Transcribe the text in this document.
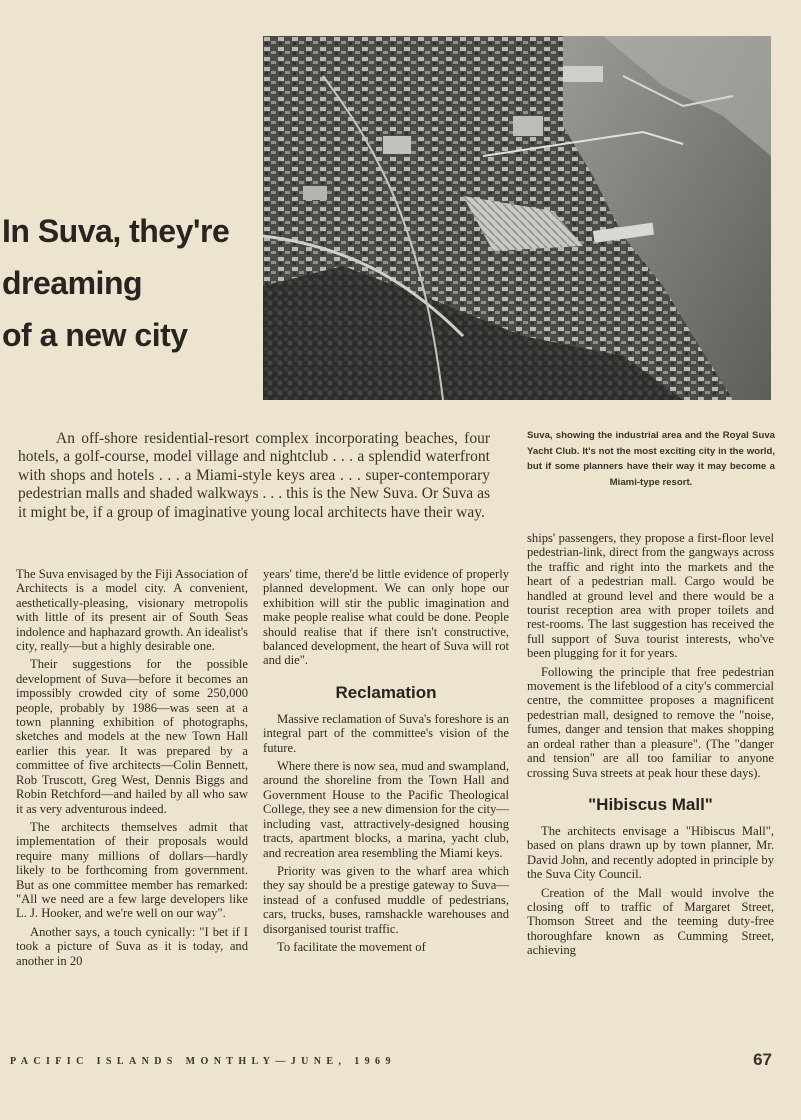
In Suva, they're
dreaming
of a new city
Suva, showing the industrial area and the Royal Suva Yacht Club. It's not the most exciting city in the world, but if some planners have their way it may become a Miami-type resort.

An off-shore residential-resort complex incorporating beaches, four hotels, a golf-course, model village and nightclub . . . a splendid waterfront with shops and hotels . . . a Miami-style keys area . . . super-contemporary pedestrian malls and shaded walkways . . . this is the New Suva. Or Suva as it might be, if a group of imaginative young local architects have their way.

The Suva envisaged by the Fiji Association of Architects is a model city. A convenient, aesthetically-pleasing, visionary metropolis with little of its present air of South Seas indolence and haphazard growth. An idealist's city, really—but a highly desirable one.

Their suggestions for the possible development of Suva—before it becomes an impossibly crowded city of some 250,000 people, probably by 1986—was seen at a town planning exhibition of photographs, sketches and models at the new Town Hall earlier this year. It was prepared by a committee of five architects—Colin Bennett, Rob Truscott, Greg West, Dennis Biggs and Robin Retchford—and hailed by all who saw it as very adventurous indeed.

The architects themselves admit that implementation of their proposals would require many millions of dollars—hardly likely to be forthcoming from government. But as one committee member has remarked: "All we need are a few large developers like L. J. Hooker, and we're well on our way".

Another says, a touch cynically: "I bet if I took a picture of Suva as it is today, and another in 20

years' time, there'd be little evidence of properly planned development. We can only hope our exhibition will stir the public imagination and make people realise what could be done. People should realise that if there isn't constructive, balanced development, the heart of Suva will rot and die".

Reclamation

Massive reclamation of Suva's foreshore is an integral part of the committee's vision of the future.

Where there is now sea, mud and swampland, around the shoreline from the Town Hall and Government House to the Pacific Theological College, they see a new dimension for the city—including vast, attractively-designed housing tracts, apartment blocks, a marina, yacht club, and recreation area resembling the Miami keys.

Priority was given to the wharf area which they say should be a prestige gateway to Suva—instead of a confused muddle of pedestrians, cars, trucks, buses, ramshackle warehouses and disorganised tourist traffic.

To facilitate the movement of

ships' passengers, they propose a first-floor level pedestrian-link, direct from the gangways across the traffic and right into the markets and the heart of a pedestrian mall. Cargo would be handled at ground level and there would be a tourist reception area with proper toilets and rest-rooms. The last suggestion has received the full support of Suva tourist interests, who've been plugging for it for years.

Following the principle that free pedestrian movement is the lifeblood of a city's commercial centre, the committee proposes a magnificent pedestrian mall, designed to remove the "noise, fumes, danger and tension that makes shopping an ordeal rather than a pleasure". (The "danger and tension" are all too familiar to anyone crossing Suva streets at peak hour these days).

"Hibiscus Mall"

The architects envisage a "Hibiscus Mall", based on plans drawn up by town planner, Mr. David John, and recently adopted in principle by the Suva City Council.

Creation of the Mall would involve the closing off to traffic of Margaret Street, Thomson Street and the teeming duty-free thoroughfare known as Cumming Street, achieving

PACIFIC ISLANDS MONTHLY—JUNE, 1969	67
